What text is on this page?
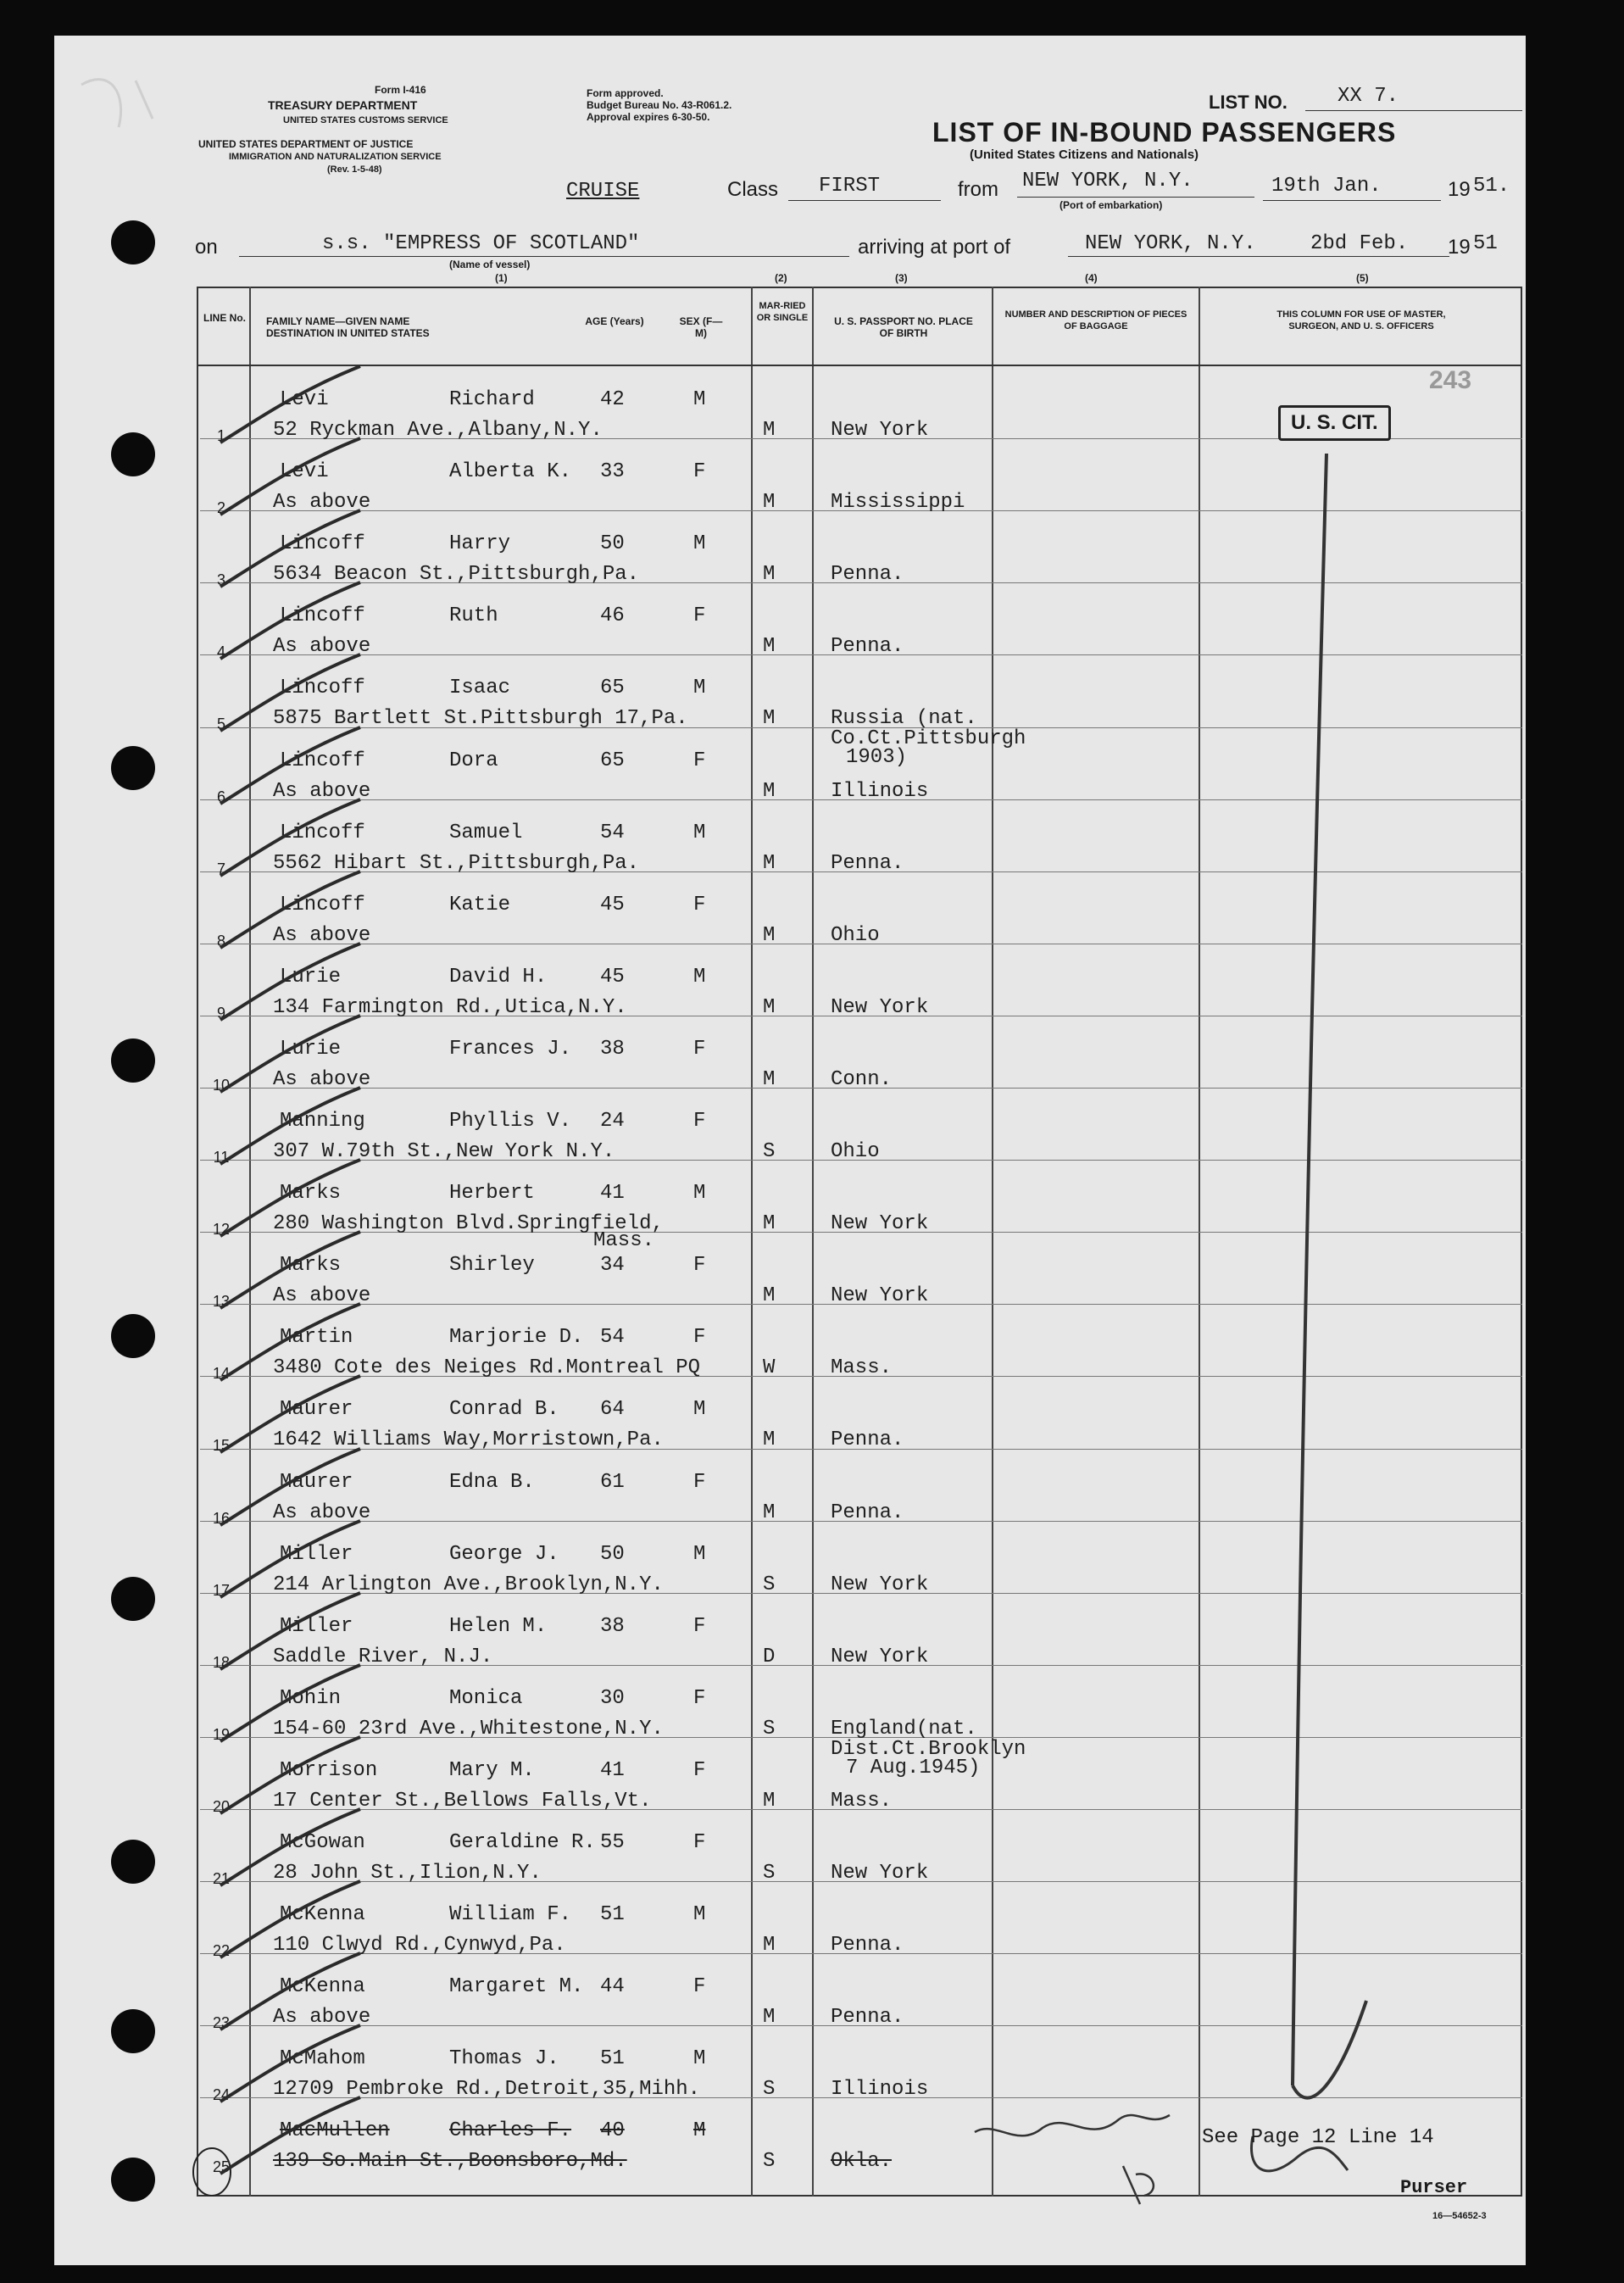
Form I-416
TREASURY DEPARTMENT
UNITED STATES CUSTOMS SERVICE
UNITED STATES DEPARTMENT OF JUSTICE
IMMIGRATION AND NATURALIZATION SERVICE
(Rev. 1-5-48)
Form approved.
Budget Bureau No. 43-R061.2.
Approval expires 6-30-50.
LIST NO. XX 7.
LIST OF IN-BOUND PASSENGERS
(United States Citizens and Nationals)
CRUISE	Class FIRST	from NEW YORK, N.Y.
(Port of embarkation)
19th Jan.	19 51.
on	s.s. "EMPRESS OF SCOTLAND"
(Name of vessel)
arriving at port of	NEW YORK, N.Y.	2bd Feb. 19 51
(1)	(2)	(3)	(4)	(5)
LINE No. FAMILY NAME—GIVEN NAME
DESTINATION IN UNITED STATES
AGE (Years)	SEX (F—M)
MAR-RIED OR SINGLE	U. S. PASSPORT NO. PLACE OF BIRTH
NUMBER AND DESCRIPTION OF PIECES OF BAGGAGE
THIS COLUMN FOR USE OF MASTER, SURGEON, AND U. S. OFFICERS
243
Levi	Richard	42	M
52 Ryckman Ave.,Albany,N.Y.	M	New York
1
Levi	Alberta K. 33	F
As above	M	Mississippi
2
Lincoff	Harry	50	M
5634 Beacon St.,Pittsburgh,Pa.	M	Penna.
3
Lincoff	Ruth	46	F
As above	M	Penna.
4
Lincoff	Isaac	65	M
5875 Bartlett St.Pittsburgh 17,Pa.	M	Russia (nat.
Co.Ct.Pittsburgh
1903)
5
Lincoff	Dora	65	F
As above	M	Illinois
6
Lincoff	Samuel	54	M
5562 Hibart St.,Pittsburgh,Pa.	M	Penna.
7
Lincoff	Katie	45	F
As above	M	Ohio
8
Lurie	David H.	45	M
134 Farmington Rd.,Utica,N.Y.	M	New York
9
Lurie	Frances J. 38	F
As above	M	Conn.
10
Manning	Phyllis V. 24	F
307 W.79th St.,New York N.Y.	S	Ohio
11
Marks	Herbert	41	M
280 Washington Blvd.Springfield,
Mass.
M	New York
12
Marks	Shirley	34	F
As above	M	New York
13
Martin	Marjorie D. 54	F
3480 Cote des Neiges Rd.Montreal PQ	W	Mass.
14
Maurer	Conrad B. 64	M
1642 Williams Way,Morristown,Pa.	M	Penna.
15
Maurer	Edna B.	61	F
As above	M	Penna.
16
Miller	George J. 50	M
214 Arlington Ave.,Brooklyn,N.Y.	S	New York
17
Miller	Helen M.	38	F
Saddle River, N.J.	D	New York
18
Mohin	Monica	30	F
154-60 23rd Ave.,Whitestone,N.Y.	S	England(nat.
Dist.Ct.Brooklyn
7 Aug.1945)
19
Morrison	Mary M.	41	F
17 Center St.,Bellows Falls,Vt.	M	Mass.
20
McGowan	Geraldine R. 55	F
28 John St.,Ilion,N.Y.	S	New York
21
McKenna	William F. 51	M
110 Clwyd Rd.,Cynwyd,Pa.	M	Penna.
22
McKenna	Margaret M. 44	F
As above	M	Penna.
23
McMahom	Thomas J. 51	M
12709 Pembroke Rd.,Detroit,35,Mihh.	S	Illinois
24
MacMullen	Charles F. 40	M
139 So.Main St.,Boonsboro,Md.	S	Okla.
25
U. S. CIT.
See Page 12 Line 14
Purser
16—54652-3
